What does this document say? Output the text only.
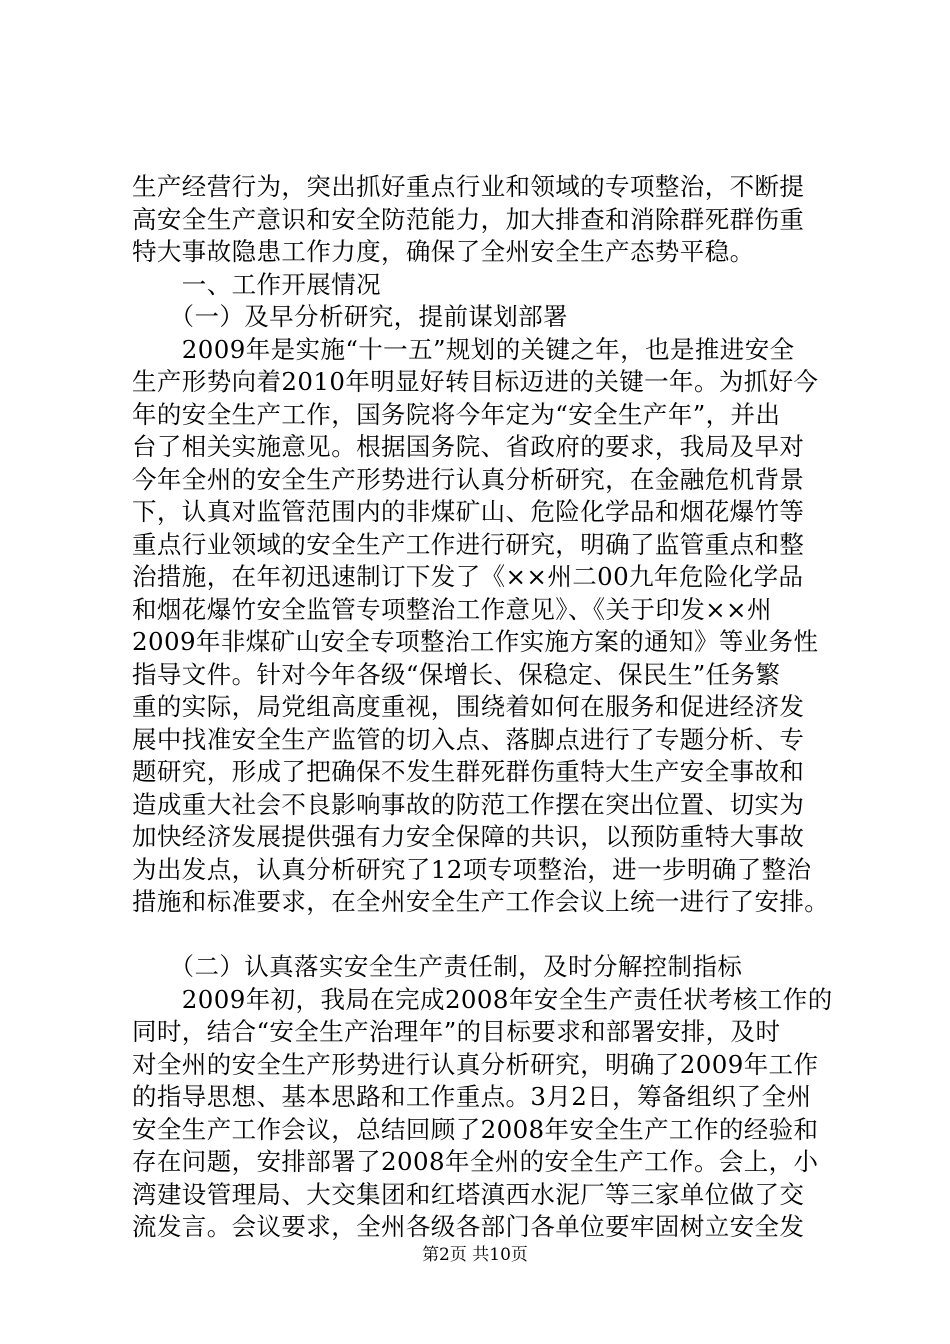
生产经营行为，突出抓好重点行业和领域的专项整治，不断提
高安全生产意识和安全防范能力，加大排查和消除群死群伤重
特大事故隐患工作力度，确保了全州安全生产态势平稳。
　　一、工作开展情况
　　（一）及早分析研究，提前谋划部署
　　2009年是实施“十一五”规划的关键之年，也是推进安全
生产形势向着2010年明显好转目标迈进的关键一年。为抓好今
年的安全生产工作，国务院将今年定为“安全生产年”，并出
台了相关实施意见。根据国务院、省政府的要求，我局及早对
今年全州的安全生产形势进行认真分析研究，在金融危机背景
下，认真对监管范围内的非煤矿山、危险化学品和烟花爆竹等
重点行业领域的安全生产工作进行研究，明确了监管重点和整
治措施，在年初迅速制订下发了《××州二00九年危险化学品
和烟花爆竹安全监管专项整治工作意见》、《关于印发××州
2009年非煤矿山安全专项整治工作实施方案的通知》等业务性
指导文件。针对今年各级“保增长、保稳定、保民生”任务繁
重的实际，局党组高度重视，围绕着如何在服务和促进经济发
展中找准安全生产监管的切入点、落脚点进行了专题分析、专
题研究，形成了把确保不发生群死群伤重特大生产安全事故和
造成重大社会不良影响事故的防范工作摆在突出位置、切实为
加快经济发展提供强有力安全保障的共识，以预防重特大事故
为出发点，认真分析研究了12项专项整治，进一步明确了整治
措施和标准要求，在全州安全生产工作会议上统一进行了安排。
　　（二）认真落实安全生产责任制，及时分解控制指标
　　2009年初，我局在完成2008年安全生产责任状考核工作的
同时，结合“安全生产治理年”的目标要求和部署安排，及时
对全州的安全生产形势进行认真分析研究，明确了2009年工作
的指导思想、基本思路和工作重点。3月2日，筹备组织了全州
安全生产工作会议，总结回顾了2008年安全生产工作的经验和
存在问题，安排部署了2008年全州的安全生产工作。会上，小
湾建设管理局、大交集团和红塔滇西水泥厂等三家单位做了交
流发言。会议要求，全州各级各部门各单位要牢固树立安全发
第2页 共10页
